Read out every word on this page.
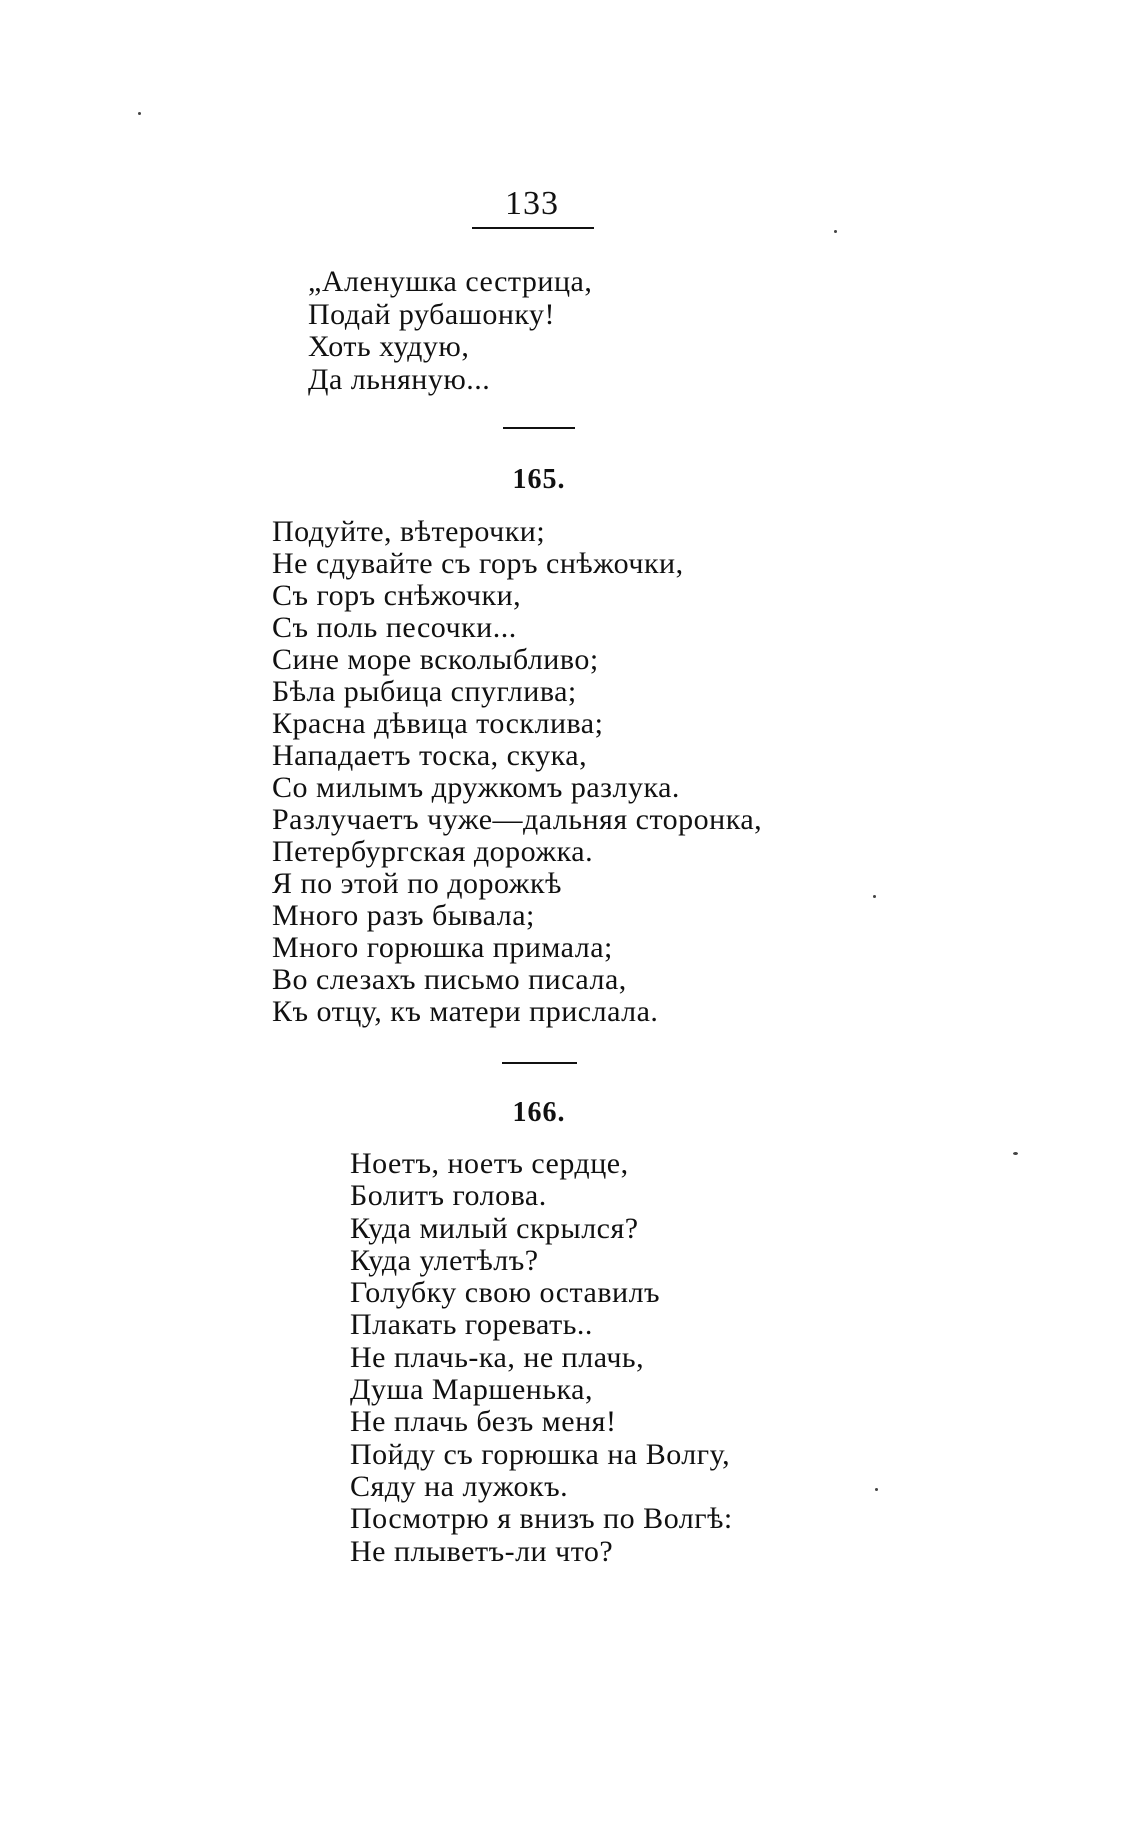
133
„Аленушка сестрица,
Подай рубашонку!
Хоть худую,
Да льняную...
165.
Подуйте, вѣтерочки;
Не сдувайте съ горъ снѣжочки,
Съ горъ снѣжочки,
Съ поль песочки...
Сине море всколыбливо;
Бѣла рыбица спуглива;
Красна дѣвица тосклива;
Нападаетъ тоска, скука,
Со милымъ дружкомъ разлука.
Разлучаетъ чуже—дальняя сторонка,
Петербургская дорожка.
Я по этой по дорожкѣ
Много разъ бывала;
Много горюшка примала;
Во слезахъ письмо писала,
Къ отцу, къ матери прислала.
166.
Ноетъ, ноетъ сердце,
Болитъ голова.
Куда милый скрылся?
Куда улетѣлъ?
Голубку свою оставилъ
Плакать горевать..
Не плачь-ка, не плачь,
Душа Маршенька,
Не плачь безъ меня!
Пойду съ горюшка на Волгу,
Сяду на лужокъ.
Посмотрю я внизъ по Волгѣ:
Не плыветъ-ли что?
